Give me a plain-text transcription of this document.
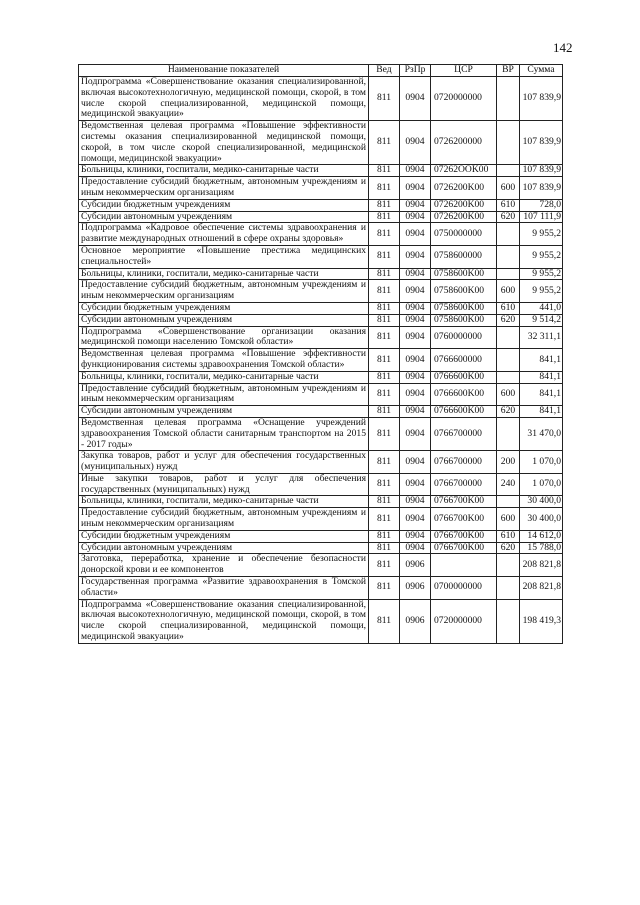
142
Наименование показателей	Вед	РзПр	ЦСР	ВР	Сумма
Подпрограмма «Совершенствование оказания специализированной, включая высокотехнологичную, медицинской помощи, скорой, в том числе скорой специализированной, медицинской помощи, медицинской эвакуации»	811	0904	0720000000		107 839,9
Ведомственная целевая программа «Повышение эффективности системы оказания специализированной медицинской помощи, скорой, в том числе скорой специализированной, медицинской помощи, медицинской эвакуации»	811	0904	0726200000		107 839,9
Больницы, клиники, госпитали, медико-санитарные части	811	0904	07262ОOK00		107 839,9
Предоставление субсидий бюджетным, автономным учреждениям и иным некоммерческим организациям	811	0904	0726200K00	600	107 839,9
Субсидии бюджетным учреждениям	811	0904	0726200K00	610	728,0
Субсидии автономным учреждениям	811	0904	0726200K00	620	107 111,9
Подпрограмма «Кадровое обеспечение системы здравоохранения и развитие международных отношений в сфере охраны здоровья»	811	0904	0750000000		9 955,2
Основное мероприятие «Повышение престижа медицинских специальностей»	811	0904	0758600000		9 955,2
Больницы, клиники, госпитали, медико-санитарные части	811	0904	0758600K00		9 955,2
Предоставление субсидий бюджетным, автономным учреждениям и иным некоммерческим организациям	811	0904	0758600K00	600	9 955,2
Субсидии бюджетным учреждениям	811	0904	0758600K00	610	441,0
Субсидии автономным учреждениям	811	0904	0758600K00	620	9 514,2
Подпрограмма «Совершенствование организации оказания медицинской помощи населению Томской области»	811	0904	0760000000		32 311,1
Ведомственная целевая программа «Повышение эффективности функционирования системы здравоохранения Томской области»	811	0904	0766600000		841,1
Больницы, клиники, госпитали, медико-санитарные части	811	0904	0766600K00		841,1
Предоставление субсидий бюджетным, автономным учреждениям и иным некоммерческим организациям	811	0904	0766600K00	600	841,1
Субсидии автономным учреждениям	811	0904	0766600K00	620	841,1
Ведомственная целевая программа «Оснащение учреждений здравоохранения Томской области санитарным транспортом на 2015 - 2017 годы»	811	0904	0766700000		31 470,0
Закупка товаров, работ и услуг для обеспечения государственных (муниципальных) нужд	811	0904	0766700000	200	1 070,0
Иные закупки товаров, работ и услуг для обеспечения государственных (муниципальных) нужд	811	0904	0766700000	240	1 070,0
Больницы, клиники, госпитали, медико-санитарные части	811	0904	0766700K00		30 400,0
Предоставление субсидий бюджетным, автономным учреждениям и иным некоммерческим организациям	811	0904	0766700K00	600	30 400,0
Субсидии бюджетным учреждениям	811	0904	0766700K00	610	14 612,0
Субсидии автономным учреждениям	811	0904	0766700K00	620	15 788,0
Заготовка, переработка, хранение и обеспечение безопасности донорской крови и ее компонентов	811	0906			208 821,8
Государственная программа «Развитие здравоохранения в Томской области»	811	0906	0700000000		208 821,8
Подпрограмма «Совершенствование оказания специализированной, включая высокотехнологичную, медицинской помощи, скорой, в том числе скорой специализированной, медицинской помощи, медицинской эвакуации»	811	0906	0720000000		198 419,3
